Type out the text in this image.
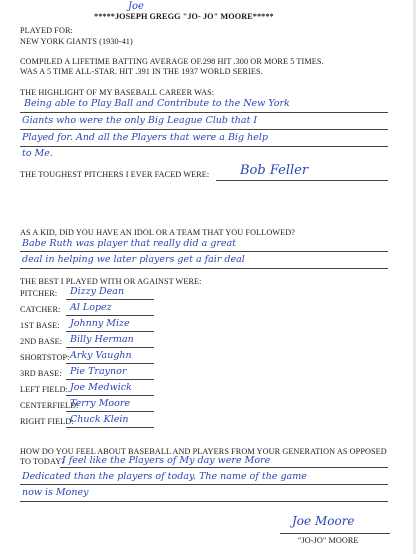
Joe
*****JOSEPH GREGG "JO- JO" MOORE*****
PLAYED FOR:
NEW YORK GIANTS (1930-41)
COMPILED A LIFETIME BATTING AVERAGE OF.298 HIT .300 OR MORE 5 TIMES.
WAS A 5 TIME ALL-STAR. HIT .391 IN THE 1937 WORLD SERIES.
THE HIGHLIGHT OF MY BASEBALL CAREER WAS:
Being able to Play Ball and Contribute to the New York
Giants who were the only Big League Club that I
Played for. And all the Players that were a Big help
to Me.
THE TOUGHEST PITCHERS I EVER FACED WERE: Bob Feller
AS A KID, DID YOU HAVE AN IDOL OR A TEAM THAT YOU FOLLOWED?
Babe Ruth was player that really did a great
deal in helping we later players get a fair deal
THE BEST I PLAYED WITH OR AGAINST WERE:
PITCHER: Dizzy Dean
CATCHER: Al Lopez
1ST BASE: Johnny Mize
2ND BASE: Billy Herman
SHORTSTOP: Arky Vaughn
3RD BASE: Pie Traynor
LEFT FIELD: Joe Medwick
CENTERFIELD:
Terry Moore
RIGHT FIELD:
Chuck Klein
HOW DO YOU FEEL ABOUT BASEBALL AND PLAYERS FROM YOUR GENERATION AS OPPOSED
TO TODAY?
I feel like the Players of My day were More
Dedicated than the players of today. The name of the game
now is Money
Joe Moore
"JO-JO" MOORE
